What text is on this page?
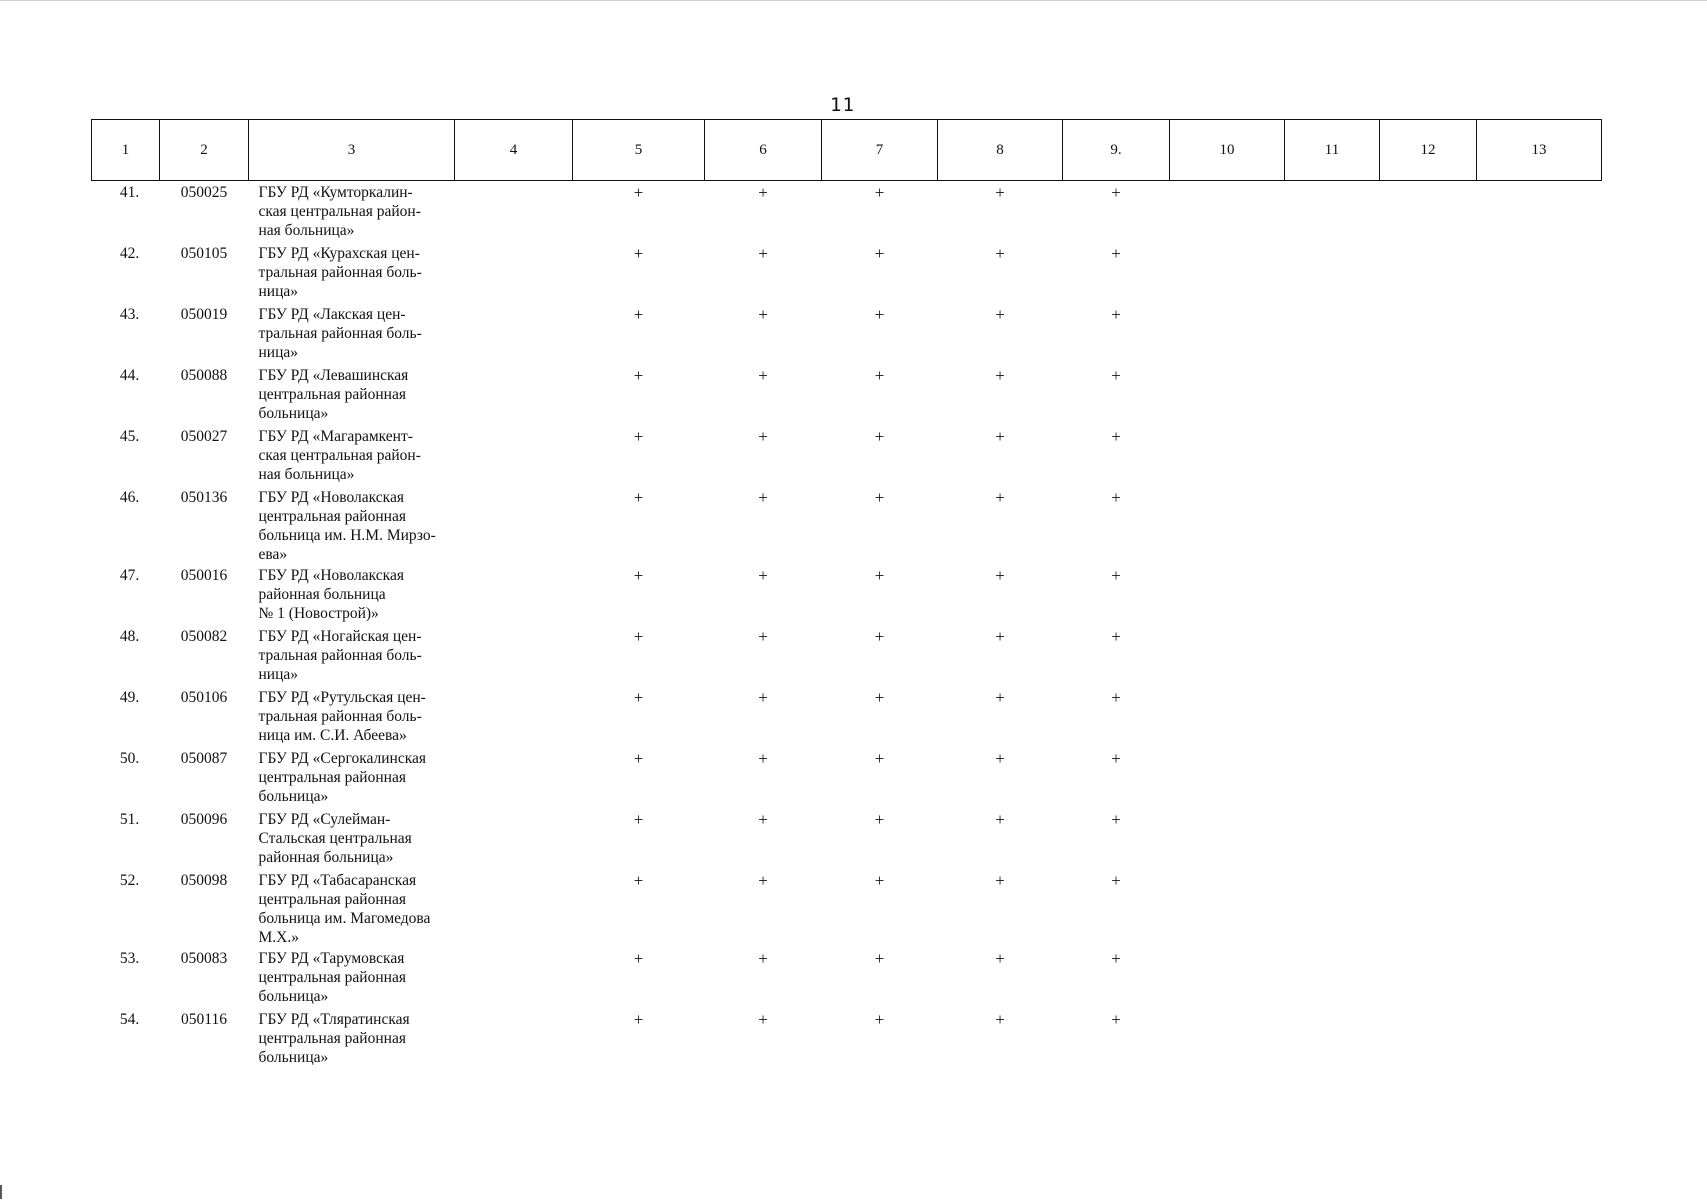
11
1	2	3	4	5	6	7	8	9.	10	11	12	13
41.	050025	ГБУ РД «Кумторкалин-
ская центральная район-
ная больница»		+	+	+	+	+				
42.	050105	ГБУ РД «Курахская цен-
тральная районная боль-
ница»		+	+	+	+	+				
43.	050019	ГБУ РД «Лакская цен-
тральная районная боль-
ница»		+	+	+	+	+				
44.	050088	ГБУ РД «Левашинская
центральная районная
больница»		+	+	+	+	+				
45.	050027	ГБУ РД «Магарамкент-
ская центральная район-
ная больница»		+	+	+	+	+				
46.	050136	ГБУ РД «Новолакская
центральная районная
больница им. Н.М. Мирзо-
ева»		+	+	+	+	+				
47.	050016	ГБУ РД «Новолакская
районная больница
№ 1 (Новострой)»		+	+	+	+	+				
48.	050082	ГБУ РД «Ногайская цен-
тральная районная боль-
ница»		+	+	+	+	+				
49.	050106	ГБУ РД «Рутульская цен-
тральная районная боль-
ница им. С.И. Абеева»		+	+	+	+	+				
50.	050087	ГБУ РД «Сергокалинская
центральная районная
больница»		+	+	+	+	+				
51.	050096	ГБУ РД «Сулейман-
Стальская центральная
районная больница»		+	+	+	+	+				
52.	050098	ГБУ РД «Табасаранская
центральная районная
больница им. Магомедова
М.Х.»		+	+	+	+	+				
53.	050083	ГБУ РД «Тарумовская
центральная районная
больница»		+	+	+	+	+				
54.	050116	ГБУ РД «Тляратинская
центральная районная
больница»		+	+	+	+	+				
